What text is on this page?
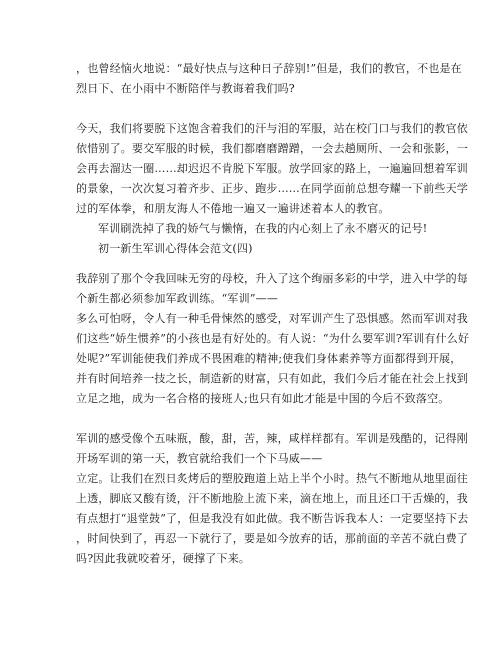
，也曾经恼火地说：“最好快点与这种日子辞别!”但是，我们的教官，不也是在
烈日下、在小雨中不断陪伴与教诲着我们吗?
今天，我们将要脱下这饱含着我们的汗与泪的军服，站在校门口与我们的教官依
依惜别了。要交军服的时候，我们都磨磨蹭蹭，一会去趟厕所、一会和张影，一
会再去溜达一圈……却迟迟不肯脱下军服。放学回家的路上，一遍遍回想着军训
的景象，一次次复习着齐步、正步、跑步……在同学面前总想夸耀一下前些天学
过的军体拳，和朋友海人不倦地一遍又一遍讲述着本人的教官。
军训刷洗掉了我的娇气与懒惰，在我的内心刻上了永不磨灭的记号!
初一新生军训心得体会范文(四)
我辞别了那个令我回味无穷的母校，升入了这个绚丽多彩的中学，进入中学的每
个新生都必须参加军政训练。“军训”——
多么可怕呀，令人有一种毛骨悚然的感受，对军训产生了恐惧感。然而军训对我
们这些“娇生惯养”的小孩也是有好处的。有人说：“为什么要军训?军训有什么好
处呢?”军训能使我们养成不畏困难的精神;使我们身体素养等方面都得到开展，
并有时间培养一技之长，制造新的财富，只有如此，我们今后才能在社会上找到
立足之地，成为一名合格的接班人;也只有如此才能是中国的今后不致落空。
军训的感受像个五味瓶，酸，甜，苦，辣，咸样样都有。军训是残酷的，记得刚
开场军训的第一天，教官就给我们一个下马威——
立定。让我们在烈日炙烤后的塑胶跑道上站上半个小时。热气不断地从地里面往
上透，脚底又酸有烫，汗不断地脸上流下来，滴在地上，而且还口干舌燥的，我
有点想打“退堂鼓”了，但是我没有如此做。我不断告诉我本人：一定要坚持下去
，时间快到了，再忍一下就行了，要是如今放弃的话，那前面的辛苦不就白费了
吗?因此我就咬着牙，硬撑了下来。
